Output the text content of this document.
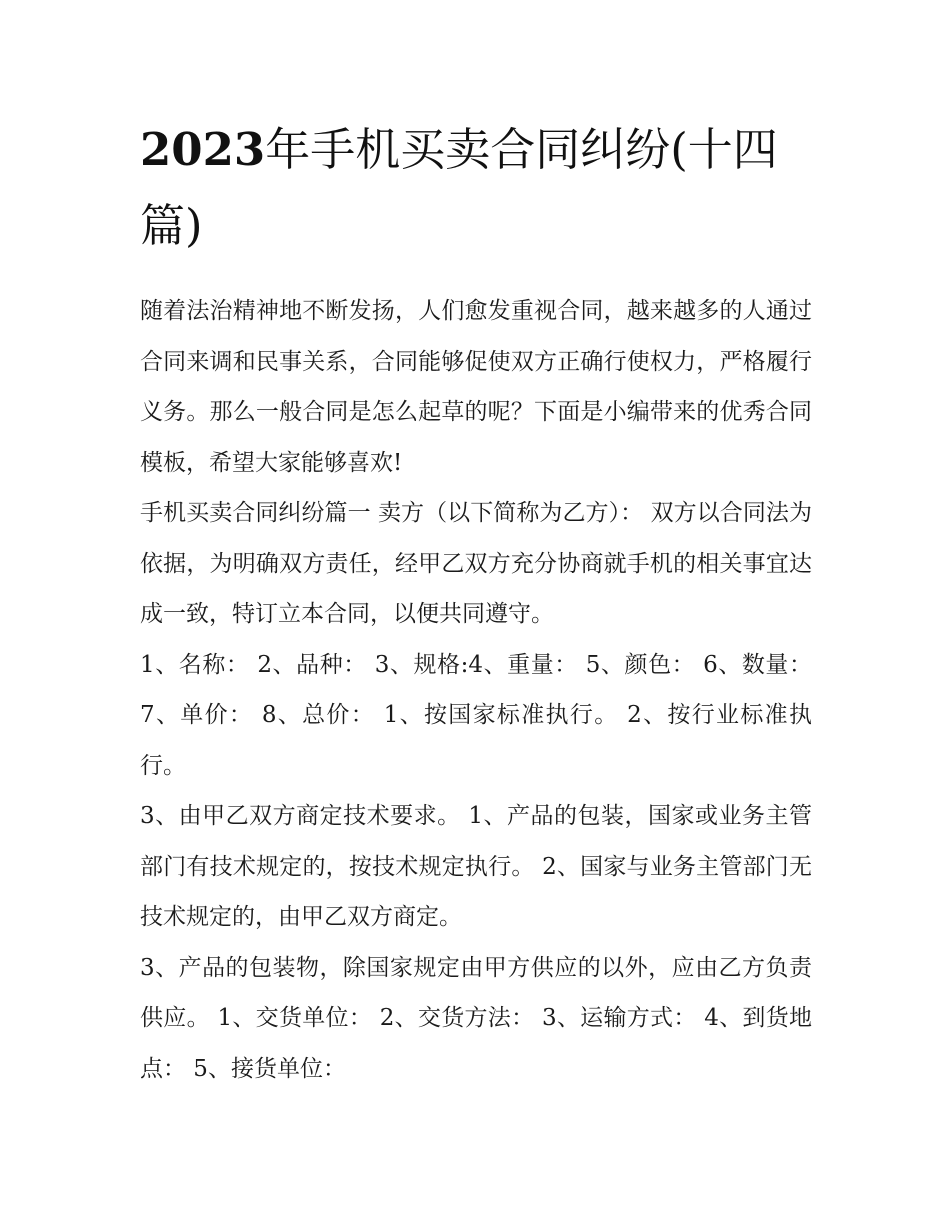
2023年手机买卖合同纠纷(十四篇)

随着法治精神地不断发扬，人们愈发重视合同，越来越多的人通过合同来调和民事关系，合同能够促使双方正确行使权力，严格履行义务。那么一般合同是怎么起草的呢？下面是小编带来的优秀合同模板，希望大家能够喜欢!

手机买卖合同纠纷篇一 卖方（以下简称为乙方）： 双方以合同法为依据，为明确双方责任，经甲乙双方充分协商就手机的相关事宜达成一致，特订立本合同，以便共同遵守。

1、名称： 2、品种： 3、规格:4、重量： 5、颜色： 6、数量： 7、单价： 8、总价： 1、按国家标准执行。 2、按行业标准执行。

3、由甲乙双方商定技术要求。 1、产品的包装，国家或业务主管部门有技术规定的，按技术规定执行。 2、国家与业务主管部门无技术规定的，由甲乙双方商定。

3、产品的包装物，除国家规定由甲方供应的以外，应由乙方负责供应。 1、交货单位： 2、交货方法： 3、运输方式： 4、到货地点： 5、接货单位：
